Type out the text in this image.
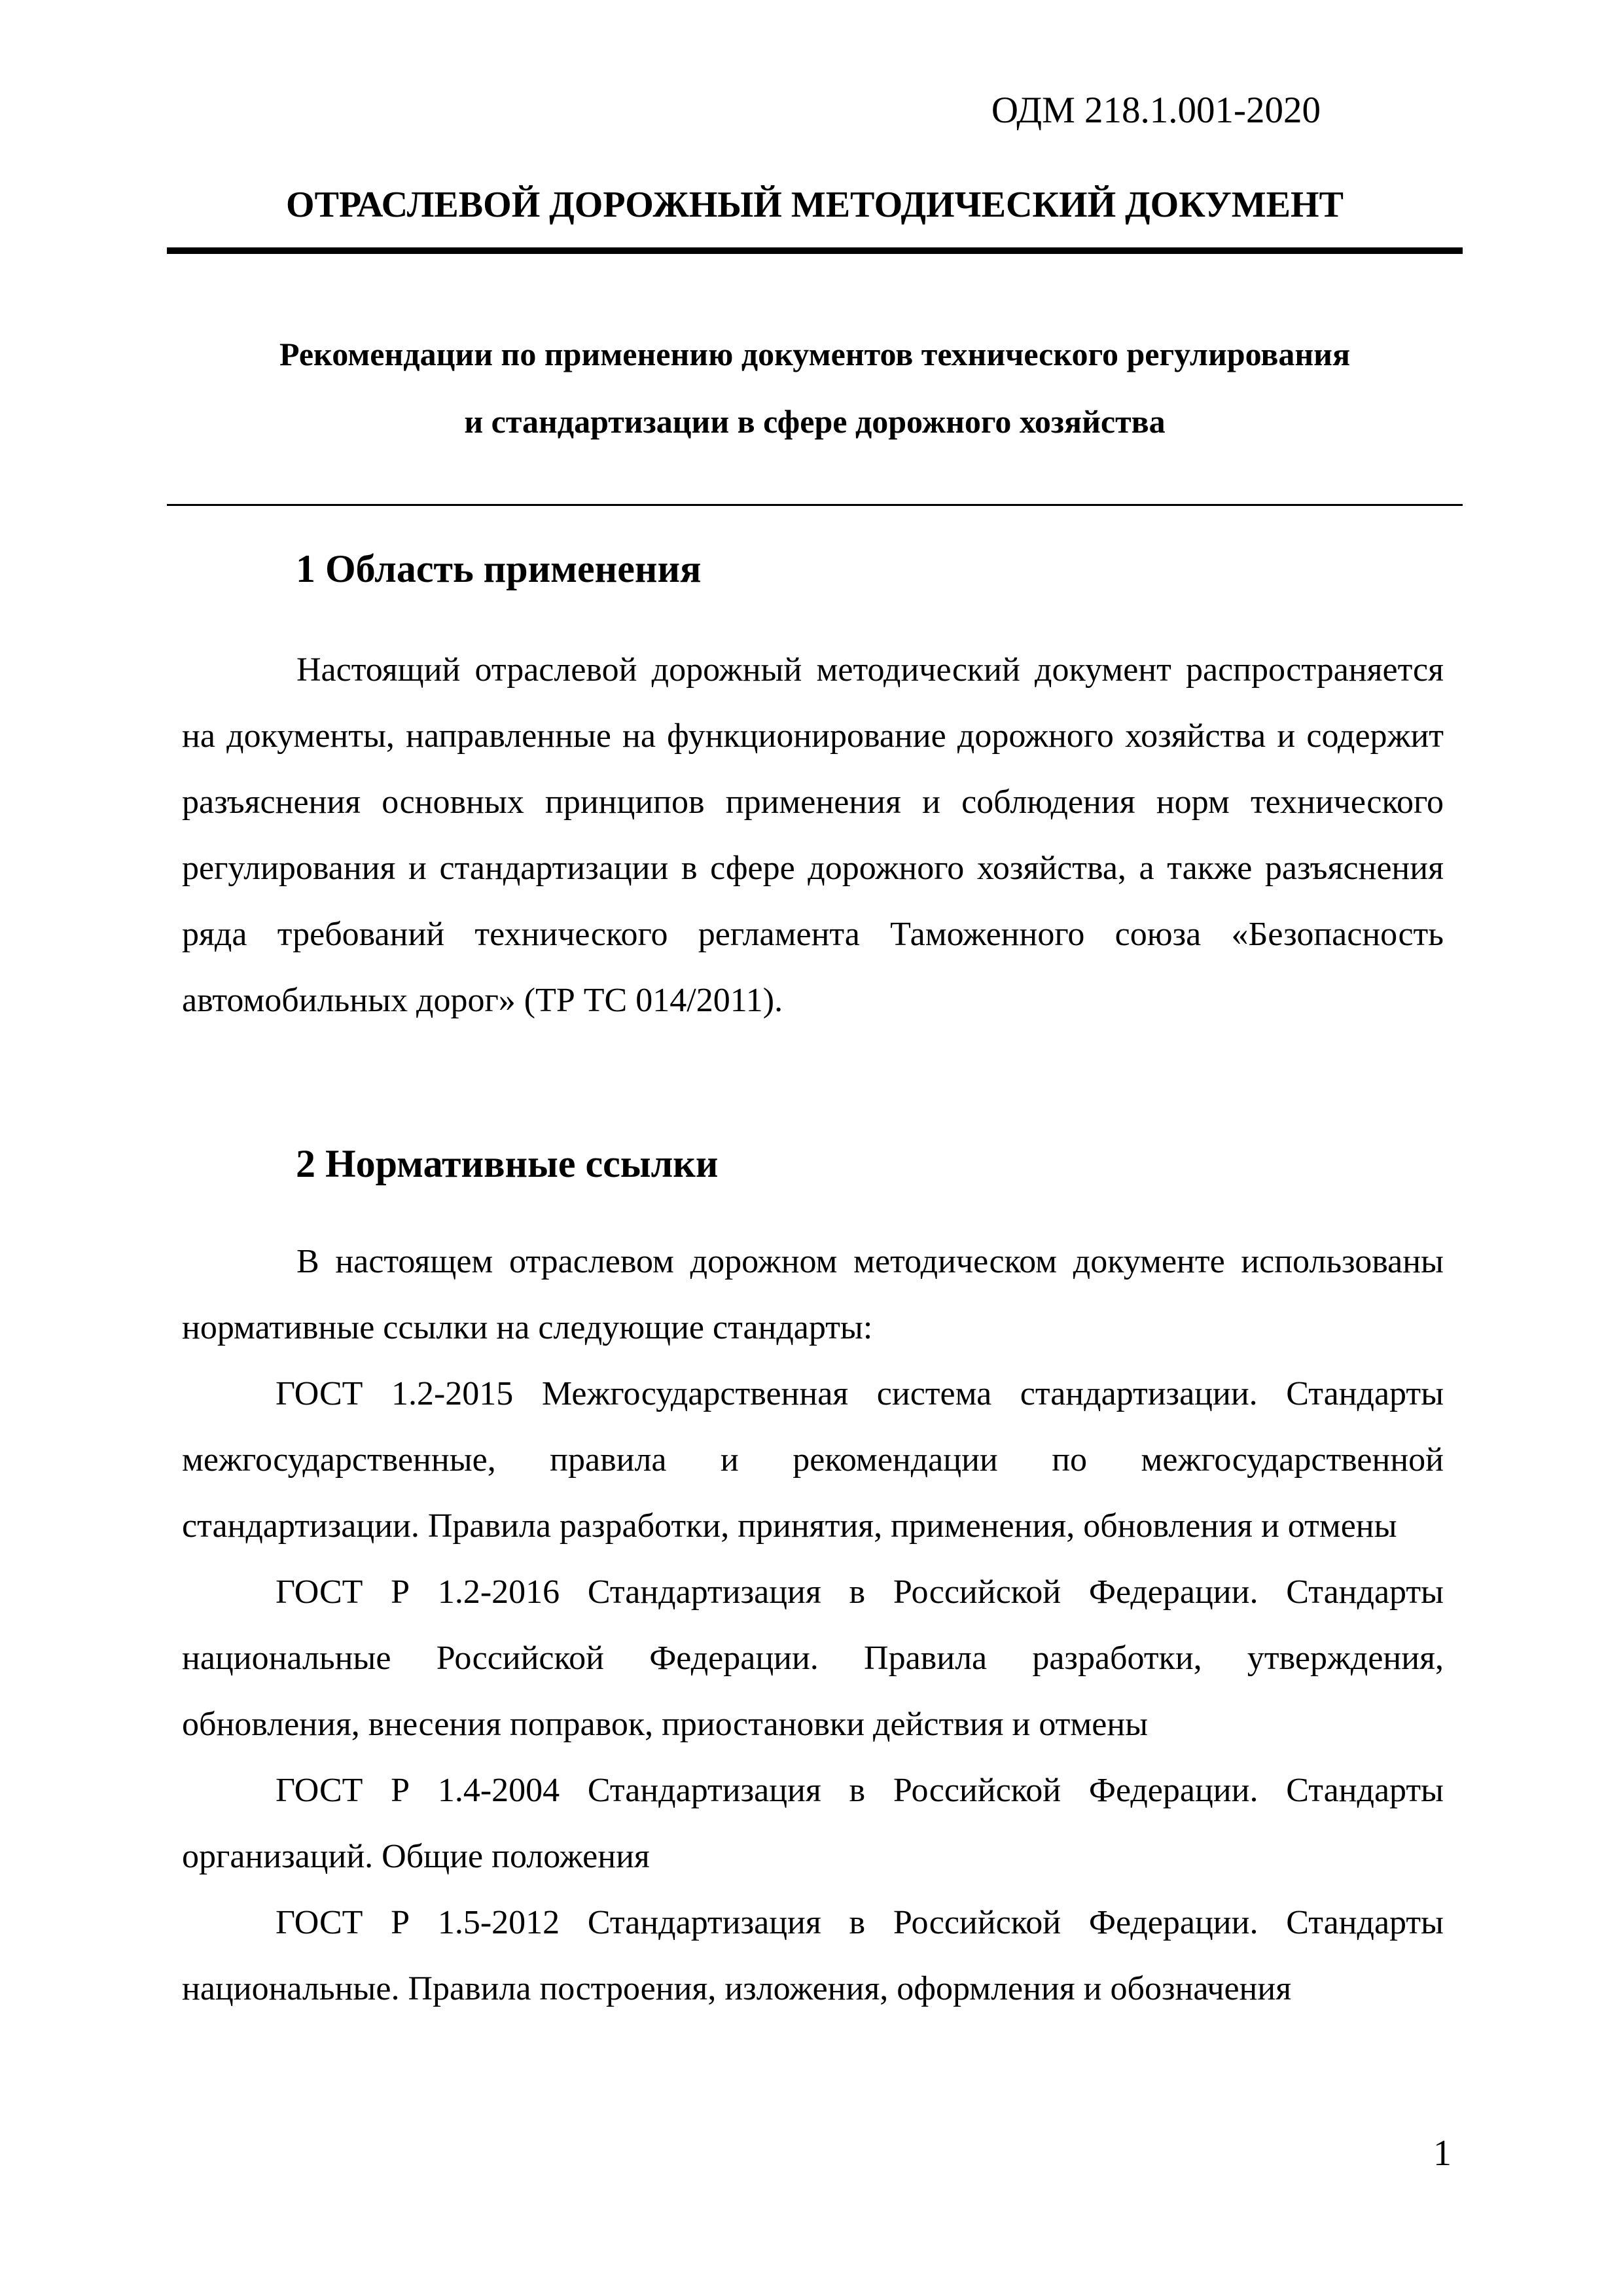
ОДМ 218.1.001-2020
ОТРАСЛЕВОЙ ДОРОЖНЫЙ МЕТОДИЧЕСКИЙ ДОКУМЕНТ
Рекомендации по применению документов технического регулирования
и стандартизации в сфере дорожного хозяйства
1 Область применения

Настоящий отраслевой дорожный методический документ распространяется на документы, направленные на функционирование дорожного хозяйства и содержит разъяснения основных принципов применения и соблюдения норм технического регулирования и стандартизации в сфере дорожного хозяйства, а также разъяснения ряда требований технического регламента Таможенного союза «Безопасность автомобильных дорог» (ТР ТС 014/2011).

2 Нормативные ссылки

В настоящем отраслевом дорожном методическом документе использованы нормативные ссылки на следующие стандарты:

ГОСТ 1.2-2015 Межгосударственная система стандартизации. Стандарты межгосударственные, правила и рекомендации по межгосударственной стандартизации. Правила разработки, принятия, применения, обновления и отмены

ГОСТ Р 1.2-2016 Стандартизация в Российской Федерации. Стандарты национальные Российской Федерации. Правила разработки, утверждения, обновления, внесения поправок, приостановки действия и отмены

ГОСТ Р 1.4-2004 Стандартизация в Российской Федерации. Стандарты организаций. Общие положения

ГОСТ Р 1.5-2012 Стандартизация в Российской Федерации. Стандарты национальные. Правила построения, изложения, оформления и обозначения

1
